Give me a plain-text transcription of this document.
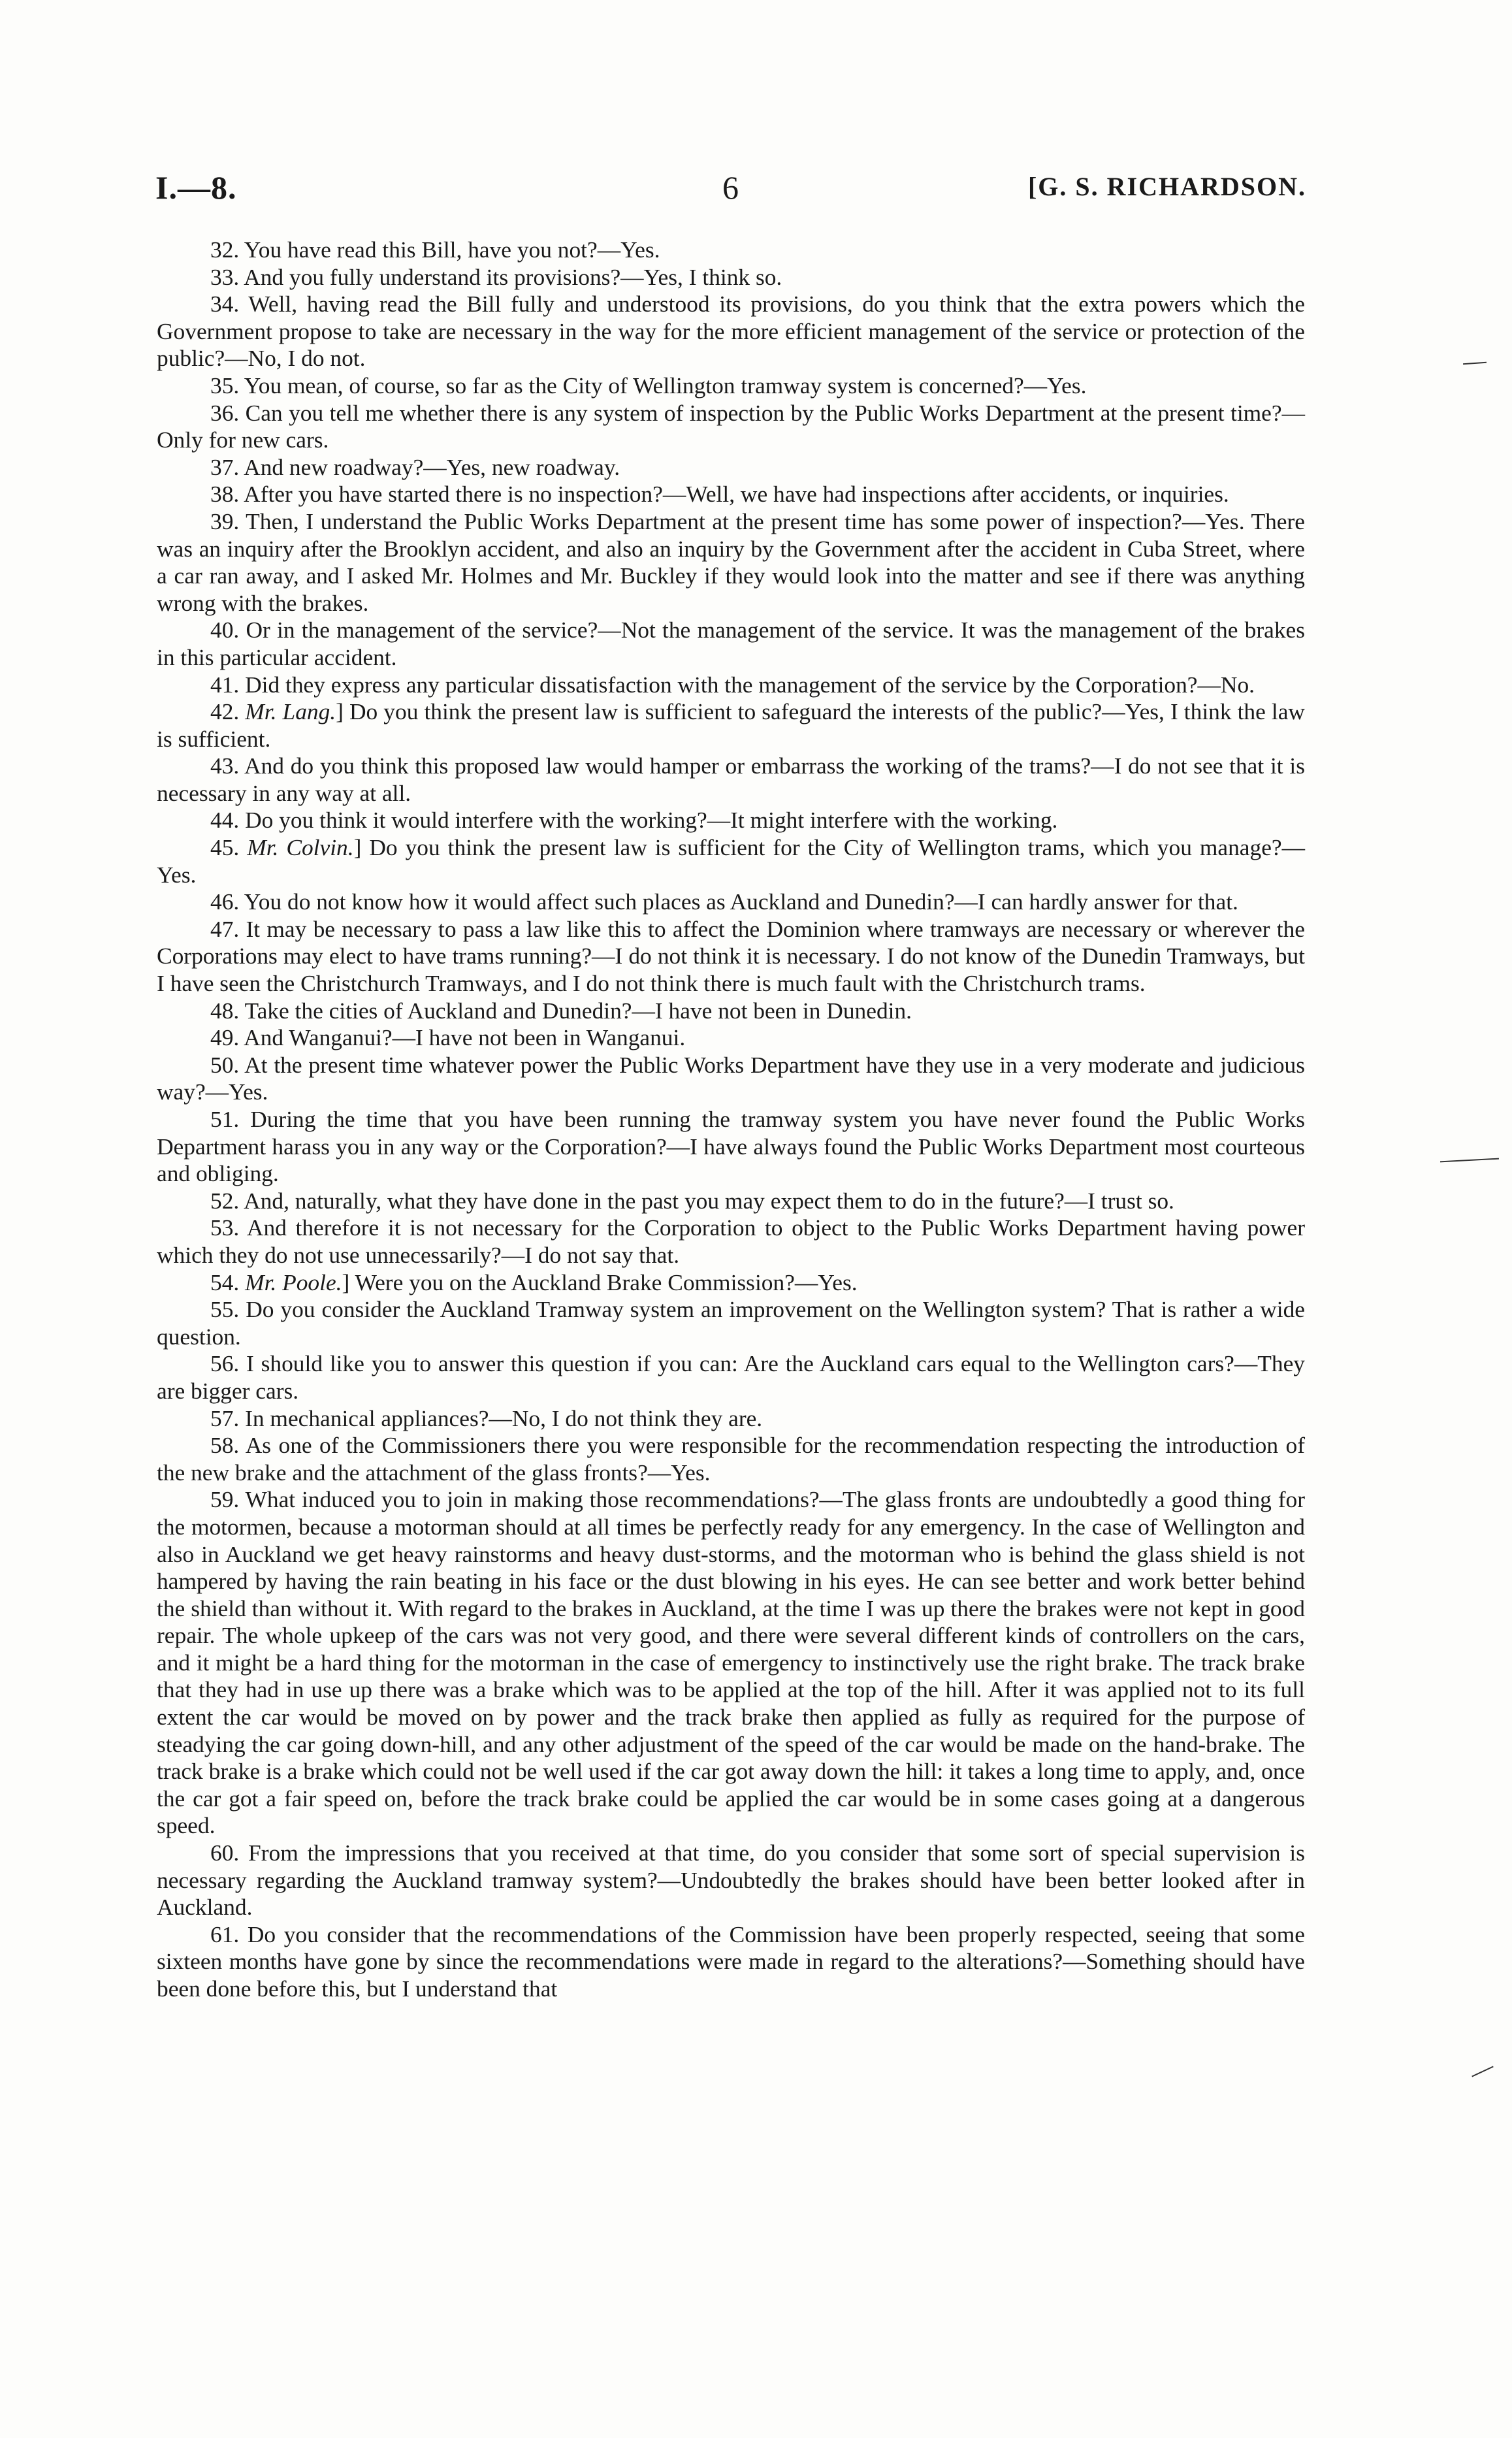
I.—8.	6	[G. S. RICHARDSON.

32. You have read this Bill, have you not?—Yes.

33. And you fully understand its provisions?—Yes, I think so.

34. Well, having read the Bill fully and understood its provisions, do you think that the extra powers which the Government propose to take are necessary in the way for the more efficient management of the service or protection of the public?—No, I do not.

35. You mean, of course, so far as the City of Wellington tramway system is concerned?—Yes.

36. Can you tell me whether there is any system of inspection by the Public Works Department at the present time?—Only for new cars.

37. And new roadway?—Yes, new roadway.

38. After you have started there is no inspection?—Well, we have had inspections after accidents, or inquiries.

39. Then, I understand the Public Works Department at the present time has some power of inspection?—Yes. There was an inquiry after the Brooklyn accident, and also an inquiry by the Government after the accident in Cuba Street, where a car ran away, and I asked Mr. Holmes and Mr. Buckley if they would look into the matter and see if there was anything wrong with the brakes.

40. Or in the management of the service?—Not the management of the service. It was the management of the brakes in this particular accident.

41. Did they express any particular dissatisfaction with the management of the service by the Corporation?—No.

42. Mr. Lang.] Do you think the present law is sufficient to safeguard the interests of the public?—Yes, I think the law is sufficient.

43. And do you think this proposed law would hamper or embarrass the working of the trams?—I do not see that it is necessary in any way at all.

44. Do you think it would interfere with the working?—It might interfere with the working.

45. Mr. Colvin.] Do you think the present law is sufficient for the City of Wellington trams, which you manage?—Yes.

46. You do not know how it would affect such places as Auckland and Dunedin?—I can hardly answer for that.

47. It may be necessary to pass a law like this to affect the Dominion where tramways are necessary or wherever the Corporations may elect to have trams running?—I do not think it is necessary. I do not know of the Dunedin Tramways, but I have seen the Christchurch Tramways, and I do not think there is much fault with the Christchurch trams.

48. Take the cities of Auckland and Dunedin?—I have not been in Dunedin.

49. And Wanganui?—I have not been in Wanganui.

50. At the present time whatever power the Public Works Department have they use in a very moderate and judicious way?—Yes.

51. During the time that you have been running the tramway system you have never found the Public Works Department harass you in any way or the Corporation?—I have always found the Public Works Department most courteous and obliging.

52. And, naturally, what they have done in the past you may expect them to do in the future?—I trust so.

53. And therefore it is not necessary for the Corporation to object to the Public Works Department having power which they do not use unnecessarily?—I do not say that.

54. Mr. Poole.] Were you on the Auckland Brake Commission?—Yes.

55. Do you consider the Auckland Tramway system an improvement on the Wellington system? That is rather a wide question.

56. I should like you to answer this question if you can: Are the Auckland cars equal to the Wellington cars?—They are bigger cars.

57. In mechanical appliances?—No, I do not think they are.

58. As one of the Commissioners there you were responsible for the recommendation respecting the introduction of the new brake and the attachment of the glass fronts?—Yes.

59. What induced you to join in making those recommendations?—The glass fronts are undoubtedly a good thing for the motormen, because a motorman should at all times be perfectly ready for any emergency. In the case of Wellington and also in Auckland we get heavy rainstorms and heavy dust-storms, and the motorman who is behind the glass shield is not hampered by having the rain beating in his face or the dust blowing in his eyes. He can see better and work better behind the shield than without it. With regard to the brakes in Auckland, at the time I was up there the brakes were not kept in good repair. The whole upkeep of the cars was not very good, and there were several different kinds of controllers on the cars, and it might be a hard thing for the motorman in the case of emergency to instinctively use the right brake. The track brake that they had in use up there was a brake which was to be applied at the top of the hill. After it was applied not to its full extent the car would be moved on by power and the track brake then applied as fully as required for the purpose of steadying the car going down-hill, and any other adjustment of the speed of the car would be made on the hand-brake. The track brake is a brake which could not be well used if the car got away down the hill: it takes a long time to apply, and, once the car got a fair speed on, before the track brake could be applied the car would be in some cases going at a dangerous speed.

60. From the impressions that you received at that time, do you consider that some sort of special supervision is necessary regarding the Auckland tramway system?—Undoubtedly the brakes should have been better looked after in Auckland.

61. Do you consider that the recommendations of the Commission have been properly respected, seeing that some sixteen months have gone by since the recommendations were made in regard to the alterations?—Something should have been done before this, but I understand that
